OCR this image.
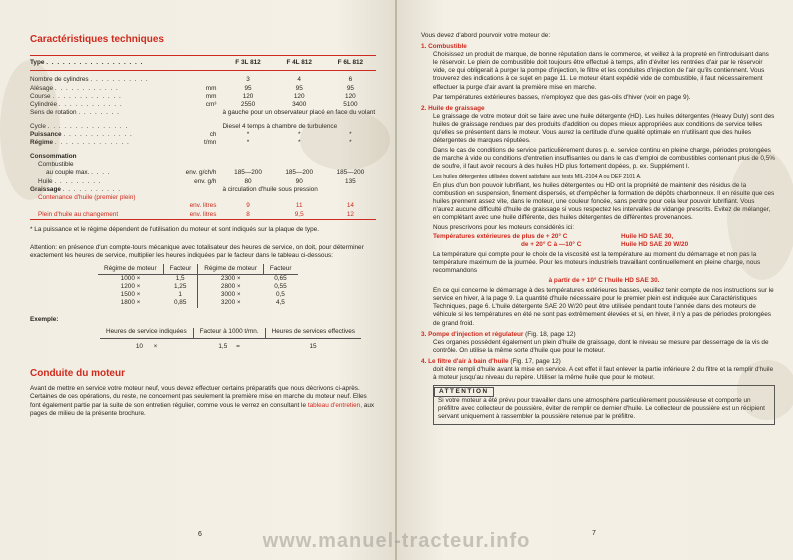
Caractéristiques techniques
Type . . . . . . . . . . . . . . . . . .	F 3L 812	F 4L 812	F 6L 812

Nombre de cylindres . . . . . . . . . . .	3	4	6
Alésage . . . . . . . . . . . . mm	95	95	95
Course . . . . . . . . . . . . . mm	120	120	120
Cylindrée . . . . . . . . . . . . cm³	2550	3400	5100
Sens de rotation . . . . . . . .	à gauche pour un observateur placé en face du volant		

Cycle . . . . . . . . . . . . . . .	Diesel 4 temps à chambre de turbulence		
Puissance . . . . . . . . . . . . . ch	*	*	*
Régime . . . . . . . . . . . . . . t/mn	*	*	*

Consommation			
Combustible			
au couple max. . . . . env. g/ch/h	185—200	185—200	185—200
Huile . . . . . . . . . env. g/h	80	90	135
Graissage . . . . . . . . . . .	à circulation d'huile sous pression		
Contenance d'huile (premier plein)			
env. litres	9	11	14
Plein d'huile au changement env. litres	8	9,5	12

* La puissance et le régime dépendent de l'utilisation du moteur et sont indiqués sur la plaque de type.

Attention: en présence d'un compte-tours mécanique avec totalisateur des heures de service, on doit, pour déterminer exactement les heures de service, multiplier les heures indiquées par le facteur dans le tableau ci-dessous:

Régime de moteur	Facteur	Régime de moteur	Facteur
1000 ×	1,5	2300 ×	0,65
1200 ×	1,25	2800 ×	0,55
1500 ×	1	3000 ×	0,5
1800 ×	0,85	3200 ×	4,5
Exemple:
Heures de service indiquées	Facteur à 1000 t/mn.	Heures de services effectives
10 ×	1,5 =	15
Conduite du moteur

Avant de mettre en service votre moteur neuf, vous devez effectuer certains préparatifs que nous décrivons ci-après. Certaines de ces opérations, du reste, ne concernent pas seulement la première mise en marche du moteur neuf. Elles font également partie par la suite de son entretien régulier, comme vous le verrez en consultant le tableau d'entretien, aux pages de milieu de la présente brochure.

6

Vous devez d'abord pourvoir votre moteur de:

1. Combustible

Choisissez un produit de marque, de bonne réputation dans le commerce, et veillez à la propreté en l'introduisant dans le réservoir. Le plein de combustible doit toujours être effectué à temps, afin d'éviter les rentrées d'air par le réservoir vide, ce qui obligerait à purger la pompe d'injection, le filtre et les conduites d'injection de l'air qu'ils contiennent. Vous trouverez des indications à ce sujet en page 11. Le moteur étant expédié vide de combustible, il faut nécessairement effectuer la purge d'air avant la première mise en marche.

Par températures extérieures basses, n'employez que des gas-oils d'hiver (voir en page 9).

2. Huile de graissage

Le graissage de votre moteur doit se faire avec une huile détergente (HD). Les huiles détergentes (Heavy Duty) sont des huiles de graissage rendues par des produits d'addition ou dopes mieux appropriées aux conditions de service telles qu'elles se présentent dans le moteur. Vous aurez la certitude d'une qualité optimale en n'utilisant que des huiles détergentes de marques réputées.

Dans le cas de conditions de service particulièrement dures p. e. service continu en pleine charge, périodes prolongées de marche à vide ou conditions d'entretien insuffisantes ou dans le cas d'emploi de combustibles contenant plus de 0,5% de soufre, il faut avoir recours à des huiles HD plus fortement dopées, p. ex. Supplément I.

Les huiles détergentes utilisées doivent satisfaire aux tests MIL-2104 A ou DEF 2101 A.

En plus d'un bon pouvoir lubrifiant, les huiles détergentes ou HD ont la propriété de maintenir des résidus de la combustion en suspension, finement dispersés, et d'empêcher la formation de dépôts charbonneux. Il en résulte que ces huiles prennent assez vite, dans le moteur, une couleur foncée, sans perdre pour cela leur pouvoir lubrifiant. Vous n'aurez aucune difficulté d'huile de graissage si vous respectez les intervalles de vidange prescrits. Evitez de mélanger, en complétant avec une huile différente, des huiles détergentes de différentes provenances.

Nous prescrivons pour les moteurs considérés ici:

Températures extérieures de plus de + 20° C	Huile HD SAE 30,
de + 20° C à —10° C	Huile HD SAE 20 W/20

La température qui compte pour le choix de la viscosité est la température au moment du démarrage et non pas la température maximum de la journée. Pour les moteurs industriels travaillant continuellement en pleine charge, nous recommandons

à partir de + 10° C l'huile HD SAE 30.

En ce qui concerne le démarrage à des températures extérieures basses, veuillez tenir compte de nos instructions sur le service en hiver, à la page 9. La quantité d'huile nécessaire pour le premier plein est indiquée aux Caractéristiques Techniques, page 6. L'huile détergente SAE 20 W/20 peut être utilisée pendant toute l'année dans des moteurs de véhicule si les températures en été ne sont pas extrêmement élevées et si, en hiver, il n'y a pas de périodes prolongées de grand froid.

3. Pompe d'injection et régulateur (Fig. 18, page 12)

Ces organes possèdent également un plein d'huile de graissage, dont le niveau se mesure par desserrage de la vis de contrôle. On utilise la même sorte d'huile que pour le moteur.

4. Le filtre d'air à bain d'huile (Fig. 17, page 12)

doit être rempli d'huile avant la mise en service. A cet effet il faut enlever la partie inférieure 2 du filtre et la remplir d'huile à moteur jusqu'au niveau du repère. Utiliser la même huile que pour le moteur.

ATTENTION
Si votre moteur a été prévu pour travailler dans une atmosphère particulièrement poussiéreuse et comporte un préfiltre avec collecteur de poussière, éviter de remplir ce dernier d'huile. Le collecteur de poussière est un récipient servant uniquement à rassembler la poussière retenue par le préfiltre.
7
www.manuel-tracteur.info
